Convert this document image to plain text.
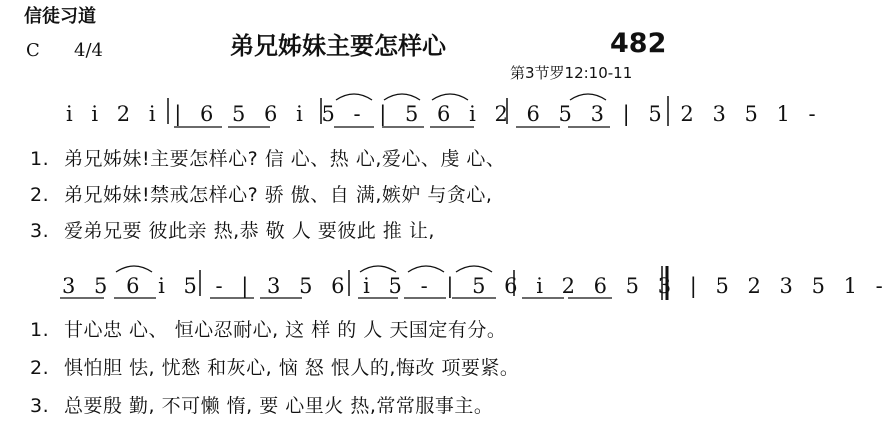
信徒习道
C 4/4	弟兄姊妹主要怎样心	482
第3节罗12:10-11
i i 2 i | 6 5 6 i 5 - | 5 6 i 2 6 5 3 | 5 2 3 5 1 -
1. 弟兄姊妹!主要怎样心? 信 心、热 心,爱心、虔 心、
2. 弟兄姊妹!禁戒怎样心? 骄 傲、自 满,嫉妒 与贪心,
3. 爱弟兄要 彼此亲 热,恭 敬 人 要彼此 推 让,
3 5 6 i 5 - | 3 5 6 i 5 - | 5 6 i 2 6 5 3 | 5 2 3 5 1 -
1. 甘心忠 心、 恒心忍耐心, 这 样 的 人 天国定有分。
2. 惧怕胆 怯, 忧愁 和灰心, 恼 怒 恨人的,悔改 项要紧。
3. 总要殷 勤, 不可懒 惰, 要 心里火 热,常常服事主。
